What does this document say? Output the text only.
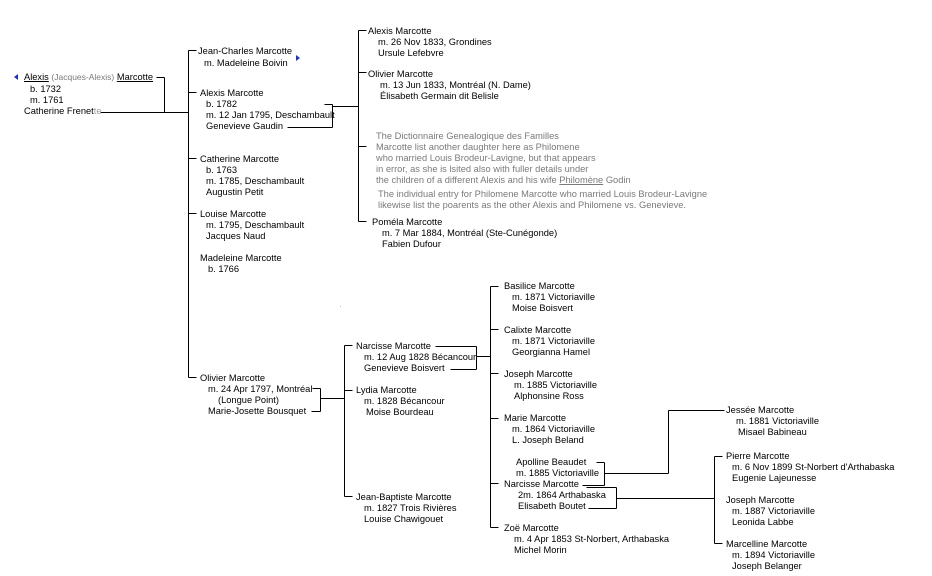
Alexis (Jacques-Alexis) Marcotte
b. 1732
m. 1761
Catherine Frenette
Jean-Charles Marcotte
m. Madeleine Boivin
Alexis Marcotte
b. 1782
m. 12 Jan 1795, Deschambault
Genevieve Gaudin
Catherine Marcotte
b. 1763
m. 1785, Deschambault
Augustin Petit
Louise Marcotte
m. 1795, Deschambault
Jacques Naud
Madeleine Marcotte
b. 1766
Olivier Marcotte
m. 24 Apr 1797, Montréal
(Longue Point)
Marie-Josette Bousquet
Alexis Marcotte
m. 26 Nov 1833, Grondines
Ursule Lefebvre
Olivier Marcotte
m. 13 Jun 1833, Montréal (N. Dame)
Élisabeth Germain dit Belisle
The Dictionnaire Genealogique des Familles
Marcotte list another daughter here as Philomene
who married Louis Brodeur-Lavigne, but that appears
in error, as she is lsited also with fuller details under
the children of a different Alexis and his wife Philomène Godin
The individual entry for Philomene Marcotte who married Louis Brodeur-Lavigne
likewise list the poarents as the other Alexis and Philomene vs. Genevieve.
Poméla Marcotte
m. 7 Mar 1884, Montréal (Ste-Cunégonde)
Fabien Dufour
Narcisse Marcotte
m. 12 Aug 1828 Bécancour
Genevieve Boisvert
Lydia Marcotte
m. 1828 Bécancour
Moise Bourdeau
Jean-Baptiste Marcotte
m. 1827 Trois Rivières
Louise Chawigouet
Basilice Marcotte
m. 1871 Victoriaville
Moise Boisvert
Calixte Marcotte
m. 1871 Victoriaville
Georgianna Hamel
Joseph Marcotte
m. 1885 Victoriaville
Alphonsine Ross
Marie Marcotte
m. 1864 Victoriaville
L. Joseph Beland
Apolline Beaudet
m. 1885 Victoriaville
Narcisse Marcotte
2m. 1864 Arthabaska
Elisabeth Boutet
Zoë Marcotte
m. 4 Apr 1853 St-Norbert, Arthabaska
Michel Morin
Jessée Marcotte
m. 1881 Victoriaville
Misael Babineau
Pierre Marcotte
m. 6 Nov 1899 St-Norbert d'Arthabaska
Eugenie Lajeunesse
Joseph Marcotte
m. 1887 Victoriaville
Leonida Labbe
Marcelline Marcotte
m. 1894 Victoriaville
Joseph Belanger
